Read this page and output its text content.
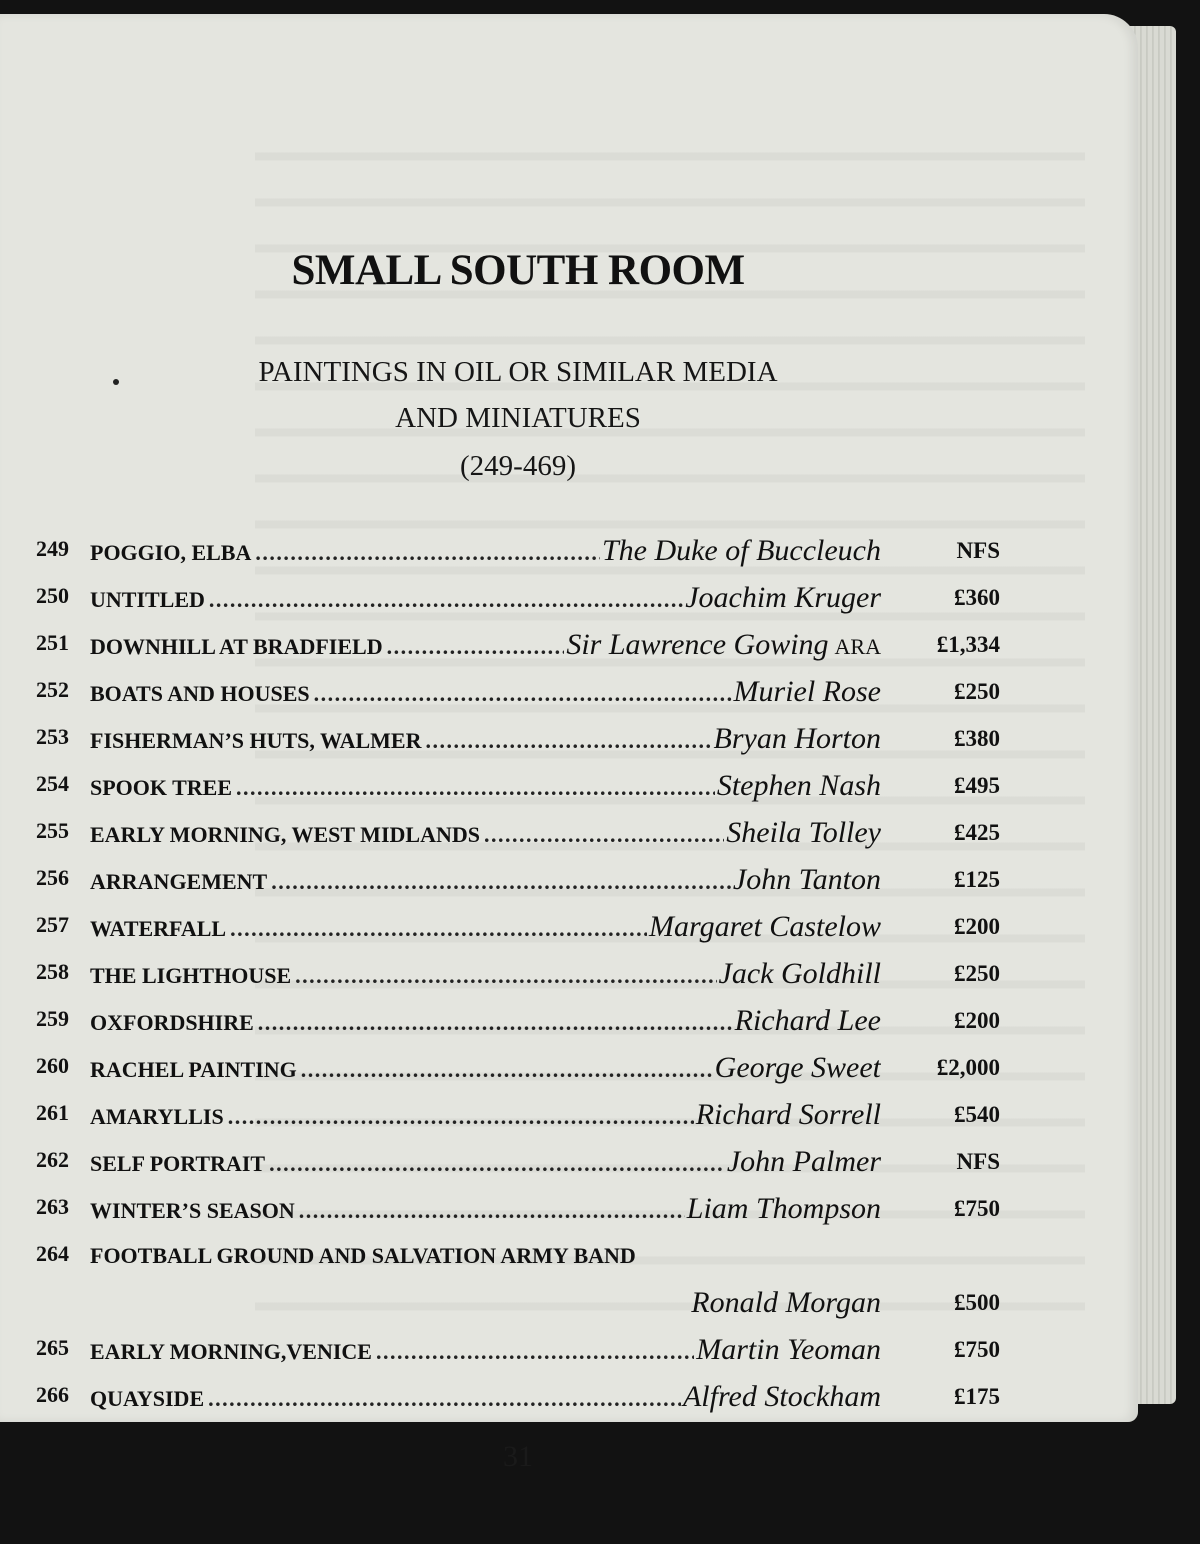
SMALL SOUTH ROOM
PAINTINGS IN OIL OR SIMILAR MEDIA
AND MINIATURES
(249-469)
249 POGGIO, ELBA . . .	The Duke of Buccleuch	NFS
250 UNTITLED . . .	Joachim Kruger	£360
251 DOWNHILL AT BRADFIELD . . .	Sir Lawrence Gowing ARA £1,334
252 BOATS AND HOUSES . . .	Muriel Rose	£250
253 FISHERMAN’S HUTS, WALMER . . .	Bryan Horton	£380
254 SPOOK TREE . . .	Stephen Nash	£495
255 EARLY MORNING, WEST MIDLANDS . . .	Sheila Tolley	£425
256 ARRANGEMENT . . .	John Tanton	£125
257 WATERFALL . . .	Margaret Castelow	£200
258 THE LIGHTHOUSE . . .	Jack Goldhill	£250
259 OXFORDSHIRE . . .	Richard Lee	£200
260 RACHEL PAINTING . . .	George Sweet £2,000
261 AMARYLLIS . . .	Richard Sorrell	£540
262 SELF PORTRAIT . . .	John Palmer	NFS
263 WINTER’S SEASON . . .	Liam Thompson	£750
264 FOOTBALL GROUND AND SALVATION ARMY BAND
Ronald Morgan	£500
265 EARLY MORNING,VENICE . . .	Martin Yeoman	£750
266 QUAYSIDE . . .	Alfred Stockham	£175
31
